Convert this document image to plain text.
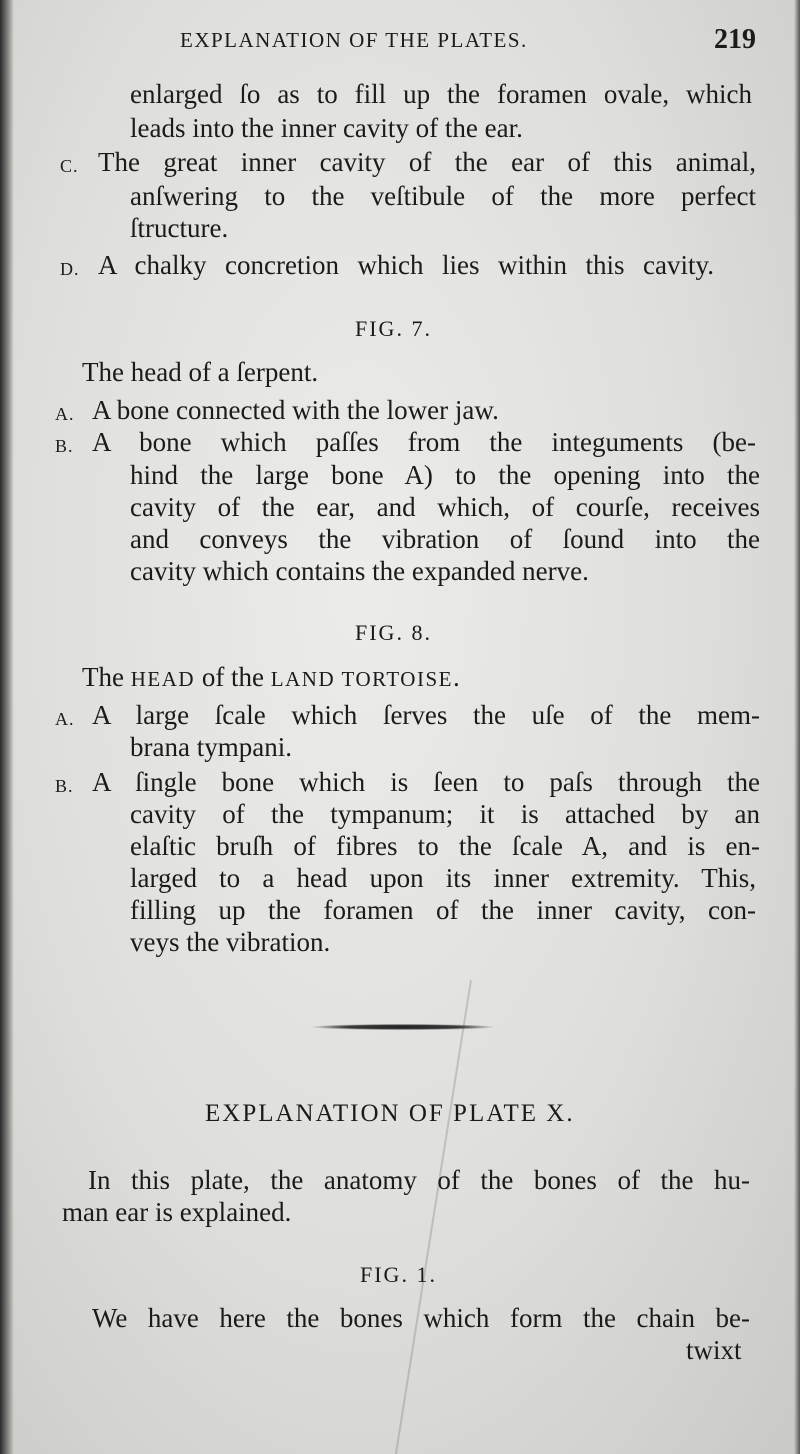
EXPLANATION OF THE PLATES.	219
enlarged ſo as to fill up the foramen ovale, which
leads into the inner cavity of the ear.
C. The great inner cavity of the ear of this animal,
anſwering to the veſtibule of the more perfect
ſtructure.
D. A chalky concretion which lies within this cavity.
FIG. 7.
The head of a ſerpent.
A. A bone connected with the lower jaw.
B. A bone which paſſes from the integuments (be-
hind the large bone A) to the opening into the
cavity of the ear, and which, of courſe, receives
and conveys the vibration of ſound into the
cavity which contains the expanded nerve.
FIG. 8.
The HEAD of the LAND TORTOISE.
A. A large ſcale which ſerves the uſe of the mem-
brana tympani.
B. A ſingle bone which is ſeen to paſs through the
cavity of the tympanum; it is attached by an
elaſtic bruſh of fibres to the ſcale A, and is en-
larged to a head upon its inner extremity. This,
filling up the foramen of the inner cavity, con-
veys the vibration.
EXPLANATION OF PLATE X.
In this plate, the anatomy of the bones of the hu-
man ear is explained.
FIG. 1.
We have here the bones which form the chain be-
twixt
